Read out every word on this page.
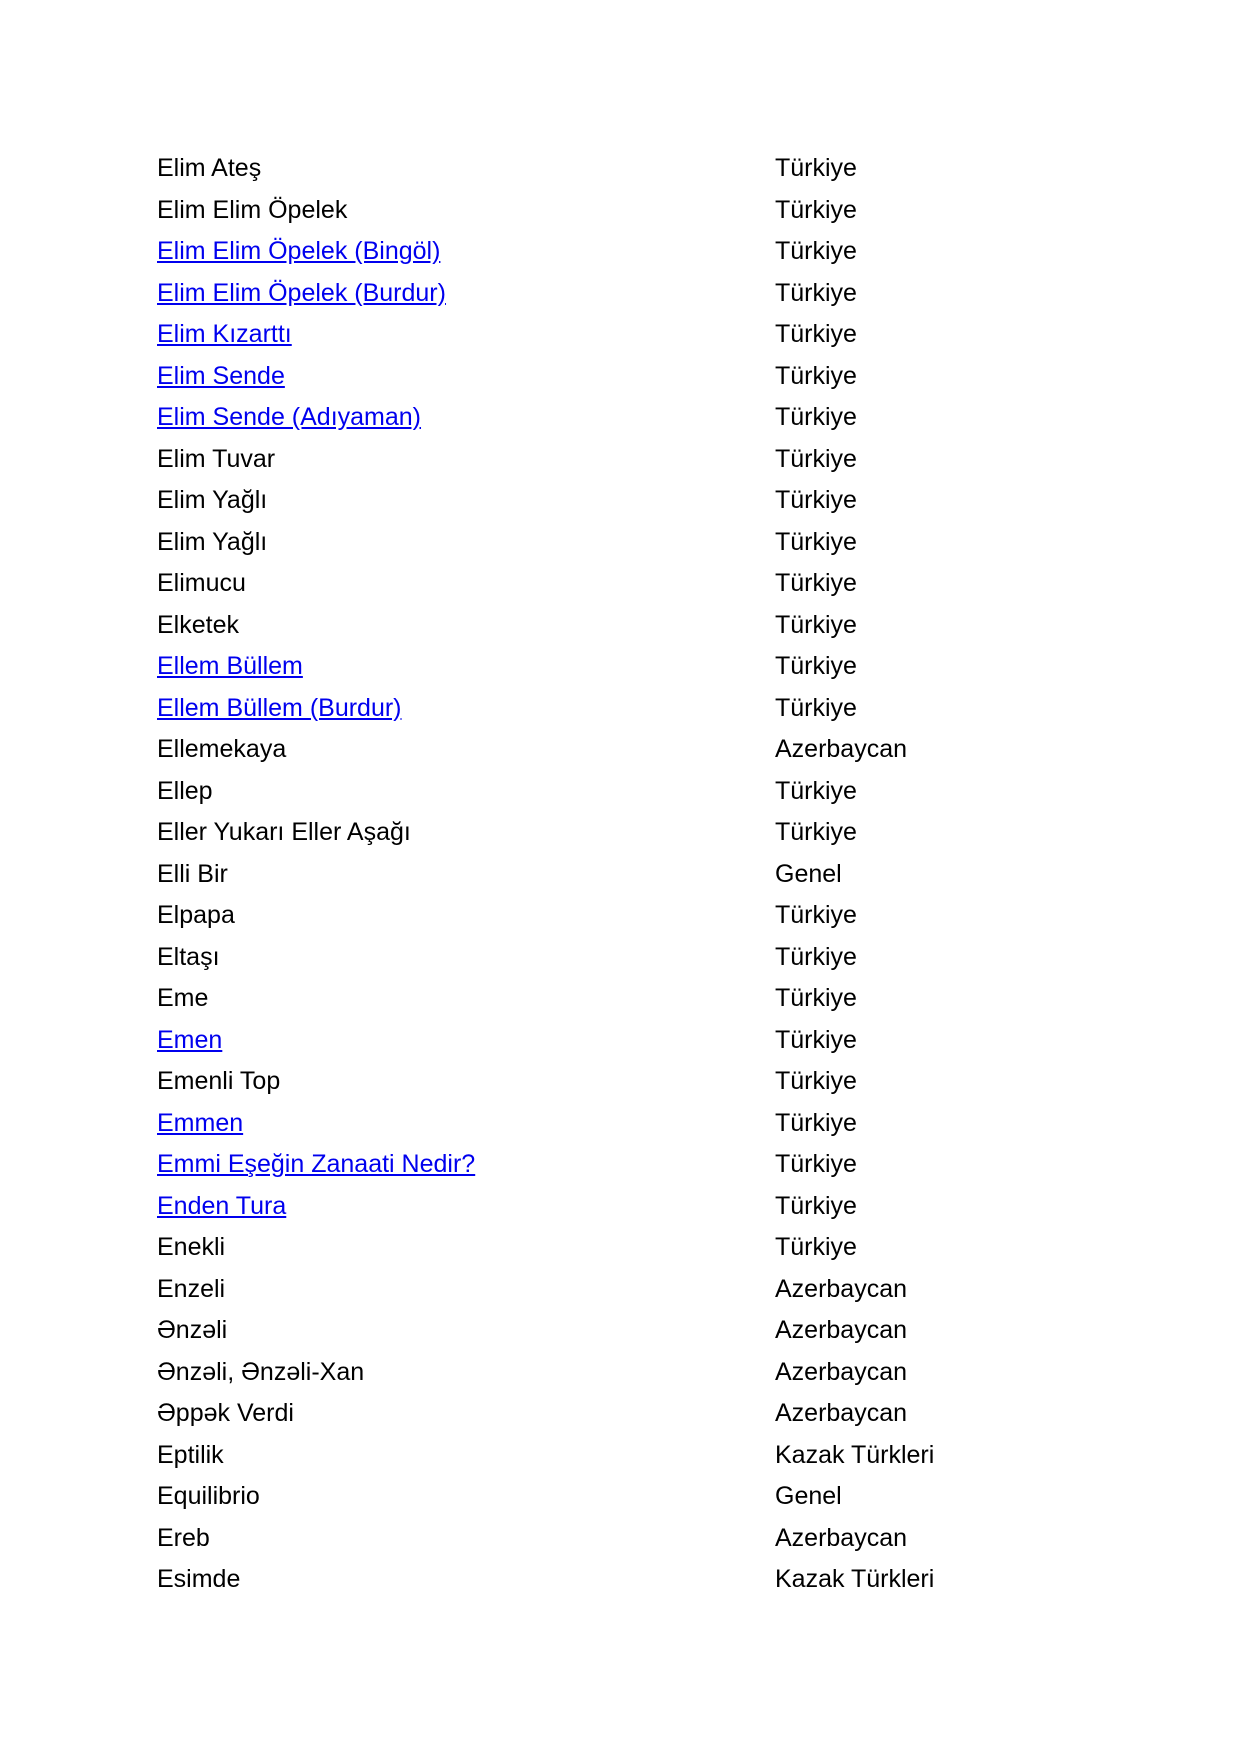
Elim Ateş	Türkiye
Elim Elim Öpelek	Türkiye
Elim Elim Öpelek (Bingöl)	Türkiye
Elim Elim Öpelek (Burdur)	Türkiye
Elim Kızarttı	Türkiye
Elim Sende	Türkiye
Elim Sende (Adıyaman)	Türkiye
Elim Tuvar	Türkiye
Elim Yağlı	Türkiye
Elim Yağlı	Türkiye
Elimucu	Türkiye
Elketek	Türkiye
Ellem Büllem	Türkiye
Ellem Büllem (Burdur)	Türkiye
Ellemekaya	Azerbaycan
Ellep	Türkiye
Eller Yukarı Eller Aşağı	Türkiye
Elli Bir	Genel
Elpapa	Türkiye
Eltaşı	Türkiye
Eme	Türkiye
Emen	Türkiye
Emenli Top	Türkiye
Emmen	Türkiye
Emmi Eşeğin Zanaati Nedir?	Türkiye
Enden Tura	Türkiye
Enekli	Türkiye
Enzeli	Azerbaycan
Ənzəli	Azerbaycan
Ənzəli, Ənzəli-Xan	Azerbaycan
Əppək Verdi	Azerbaycan
Eptilik	Kazak Türkleri
Equilibrio	Genel
Ereb	Azerbaycan
Esimde	Kazak Türkleri
